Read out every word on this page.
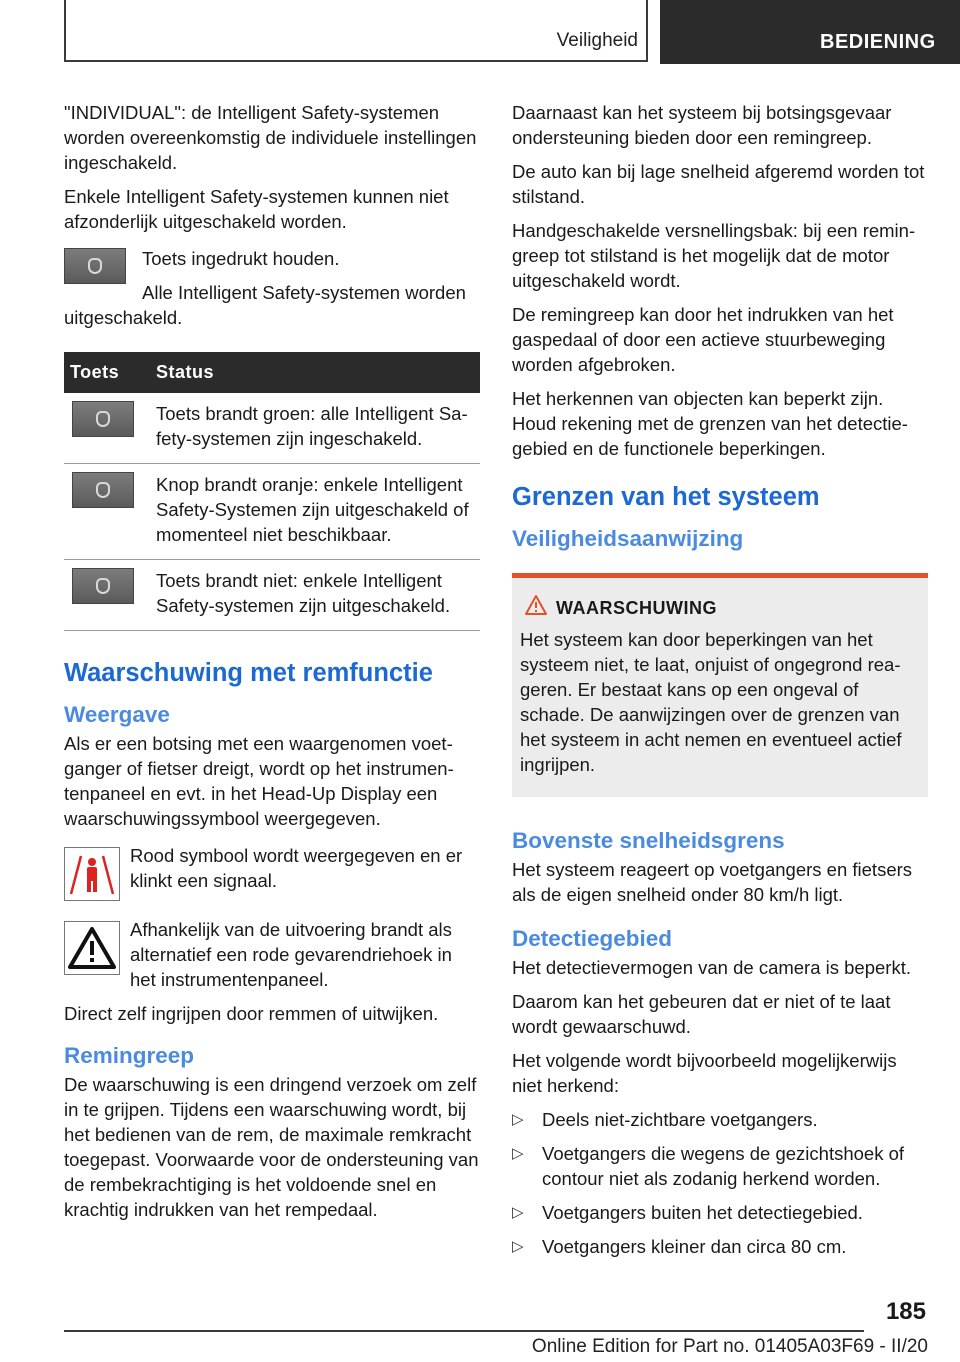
Veiligheid	BEDIENING

"INDIVIDUAL": de Intelligent Safety-systemen worden overeenkomstig de individuele instellingen ingeschakeld.

Enkele Intelligent Safety-systemen kunnen niet afzonderlijk uitgeschakeld worden.

Toets ingedrukt houden.

Alle Intelligent Safety-systemen worden uitgeschakeld.

Toets	Status
	Toets brandt groen: alle Intelligent Safety-systemen zijn ingeschakeld.
	Knop brandt oranje: enkele Intelligent Safety-Systemen zijn uitgeschakeld of momenteel niet beschikbaar.
	Toets brandt niet: enkele Intelligent Safety-systemen zijn uitgeschakeld.
Waarschuwing met remfunctie
Weergave

Als er een botsing met een waargenomen voetganger of fietser dreigt, wordt op het instrumentenpaneel en evt. in het Head-Up Display een waarschuwingssymbool weergegeven.

Rood symbool wordt weergegeven en er klinkt een signaal.

Afhankelijk van de uitvoering brandt als alternatief een rode gevarendriehoek in het instrumentenpaneel.

Direct zelf ingrijpen door remmen of uitwijken.

Remingreep

De waarschuwing is een dringend verzoek om zelf in te grijpen. Tijdens een waarschuwing wordt, bij het bedienen van de rem, de maximale remkracht toegepast. Voorwaarde voor de ondersteuning van de rembekrachtiging is het voldoende snel en krachtig indrukken van het rempedaal.

Daarnaast kan het systeem bij botsingsgevaar ondersteuning bieden door een remingreep.

De auto kan bij lage snelheid afgeremd worden tot stilstand.

Handgeschakelde versnellingsbak: bij een remingreep tot stilstand is het mogelijk dat de motor uitgeschakeld wordt.

De remingreep kan door het indrukken van het gaspedaal of door een actieve stuurbeweging worden afgebroken.

Het herkennen van objecten kan beperkt zijn. Houd rekening met de grenzen van het detectiegebied en de functionele beperkingen.

Grenzen van het systeem
Veiligheidsaanwijzing
WAARSCHUWING

Het systeem kan door beperkingen van het systeem niet, te laat, onjuist of ongegrond reageren. Er bestaat kans op een ongeval of schade. De aanwijzingen over de grenzen van het systeem in acht nemen en eventueel actief ingrijpen.

Bovenste snelheidsgrens

Het systeem reageert op voetgangers en fietsers als de eigen snelheid onder 80 km/h ligt.

Detectiegebied

Het detectievermogen van de camera is beperkt.

Daarom kan het gebeuren dat er niet of te laat wordt gewaarschuwd.

Het volgende wordt bijvoorbeeld mogelijkerwijs niet herkend:

▷ Deels niet-zichtbare voetgangers.
▷ Voetgangers die wegens de gezichtshoek of contour niet als zodanig herkend worden.
▷ Voetgangers buiten het detectiegebied.
▷ Voetgangers kleiner dan circa 80 cm.
185
Online Edition for Part no. 01405A03F69 - II/20
